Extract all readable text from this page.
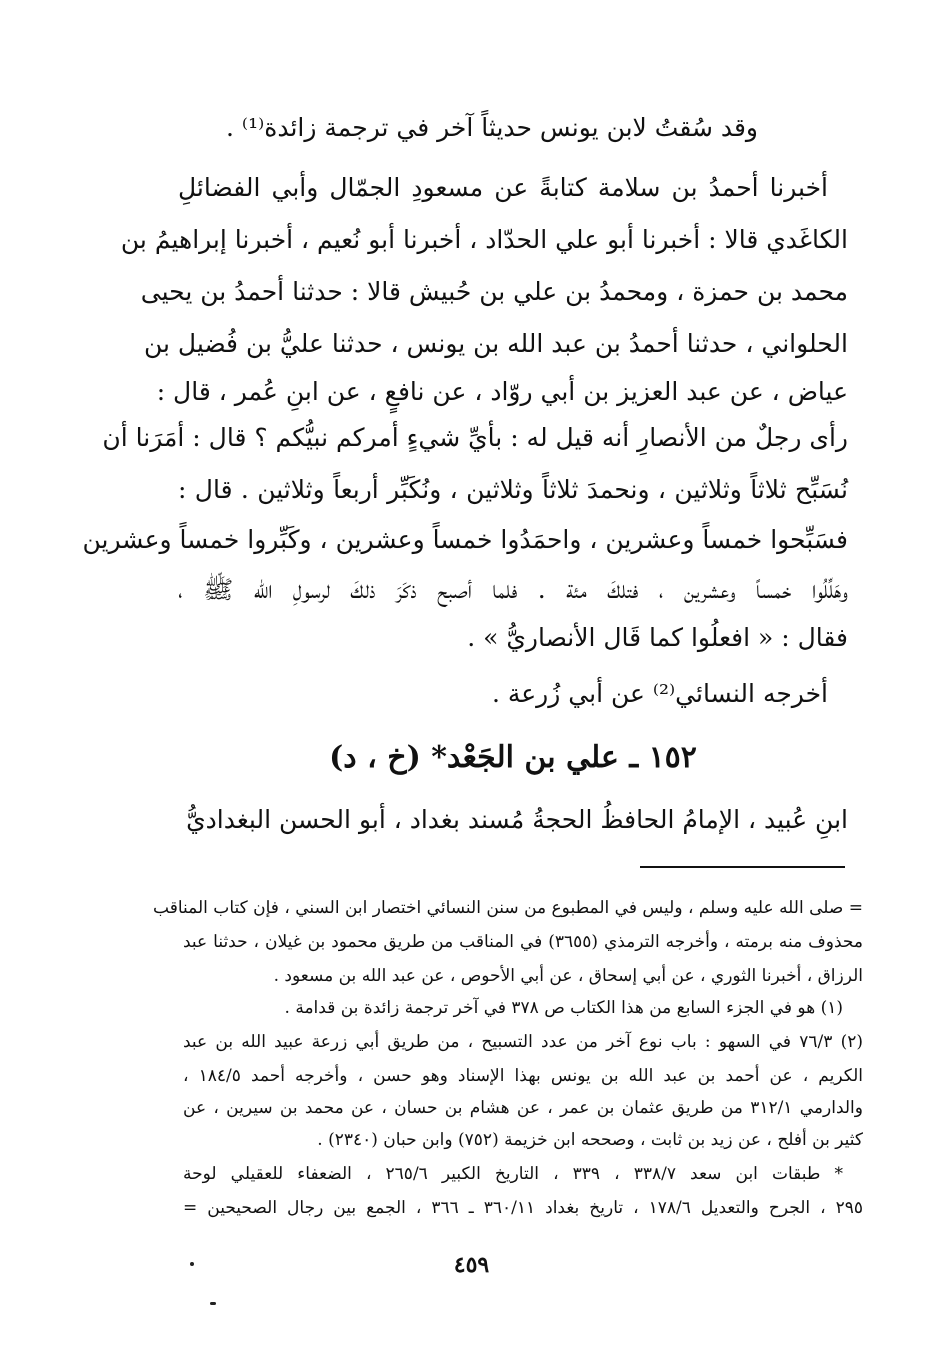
وقد سُقتُ لابن يونس حديثاً آخر في ترجمة زائدة⁽¹⁾ .
أخبرنا أحمدُ بن سلامة كتابةً عن مسعودِ الجمّال وأبي الفضائلِ
الكاغَدي قالا : أخبرنا أبو علي الحدّاد ، أخبرنا أبو نُعيم ، أخبرنا إبراهيمُ بن
محمد بن حمزة ، ومحمدُ بن علي بن حُبيش قالا : حدثنا أحمدُ بن يحيى
الحلواني ، حدثنا أحمدُ بن عبد الله بن يونس ، حدثنا عليُّ بن فُضيل بن
عياض ، عن عبد العزيز بن أبي روّاد ، عن نافعٍ ، عن ابنِ عُمر ، قال :
رأى رجلٌ من الأنصارِ أنه قيل له : بأيِّ شيءٍ أمركم نبيُّكم ؟ قال : أمَرَنا أن
نُسَبِّح ثلاثاً وثلاثين ، ونحمدَ ثلاثاً وثلاثين ، ونُكَبِّر أربعاً وثلاثين . قال :
فسَبِّحوا خمساً وعشرين ، واحمَدُوا خمساً وعشرين ، وكَبِّروا خمساً وعشرين
وهَلِّلُوا خمساً وعشرين ، فتلكَ مئة . فلما أصبح ذكَرَ ذلكَ لرسولِ الله ﷺ ،
فقال : « افعلُوا كما قَال الأنصاريُّ » .
أخرجه النسائي⁽²⁾ عن أبي زُرعة .
١٥٢ ـ علي بن الجَعْد* (خ ، د)
ابنِ عُبيد ، الإمامُ الحافظُ الحجةُ مُسند بغداد ، أبو الحسن البغداديُّ
= صلى الله عليه وسلم ، وليس في المطبوع من سنن النسائي اختصار ابن السني ، فإن كتاب المناقب
محذوف منه برمته ، وأخرجه الترمذي (٣٦٥٥) في المناقب من طريق محمود بن غيلان ، حدثنا عبد
الرزاق ، أخبرنا الثوري ، عن أبي إسحاق ، عن أبي الأحوص ، عن عبد الله بن مسعود .
(١) هو في الجزء السابع من هذا الكتاب ص ٣٧٨ في آخر ترجمة زائدة بن قدامة .
(٢) ٧٦/٣ في السهو : باب نوع آخر من عدد التسبيح ، من طريق أبي زرعة عبيد الله بن عبد
الكريم ، عن أحمد بن عبد الله بن يونس بهذا الإسناد وهو حسن ، وأخرجه أحمد ١٨٤/٥ ،
والدارمي ٣١٢/١ من طريق عثمان بن عمر ، عن هشام بن حسان ، عن محمد بن سيرين ، عن
كثير بن أفلح ، عن زيد بن ثابت ، وصححه ابن خزيمة (٧٥٢) وابن حبان (٢٣٤٠) .
* طبقات ابن سعد ٣٣٨/٧ ، ٣٣٩ ، التاريخ الكبير ٢٦٥/٦ ، الضعفاء للعقيلي لوحة
٢٩٥ ، الجرح والتعديل ١٧٨/٦ ، تاريخ بغداد ٣٦٠/١١ ـ ٣٦٦ ، الجمع بين رجال الصحيحين =
٤٥٩
